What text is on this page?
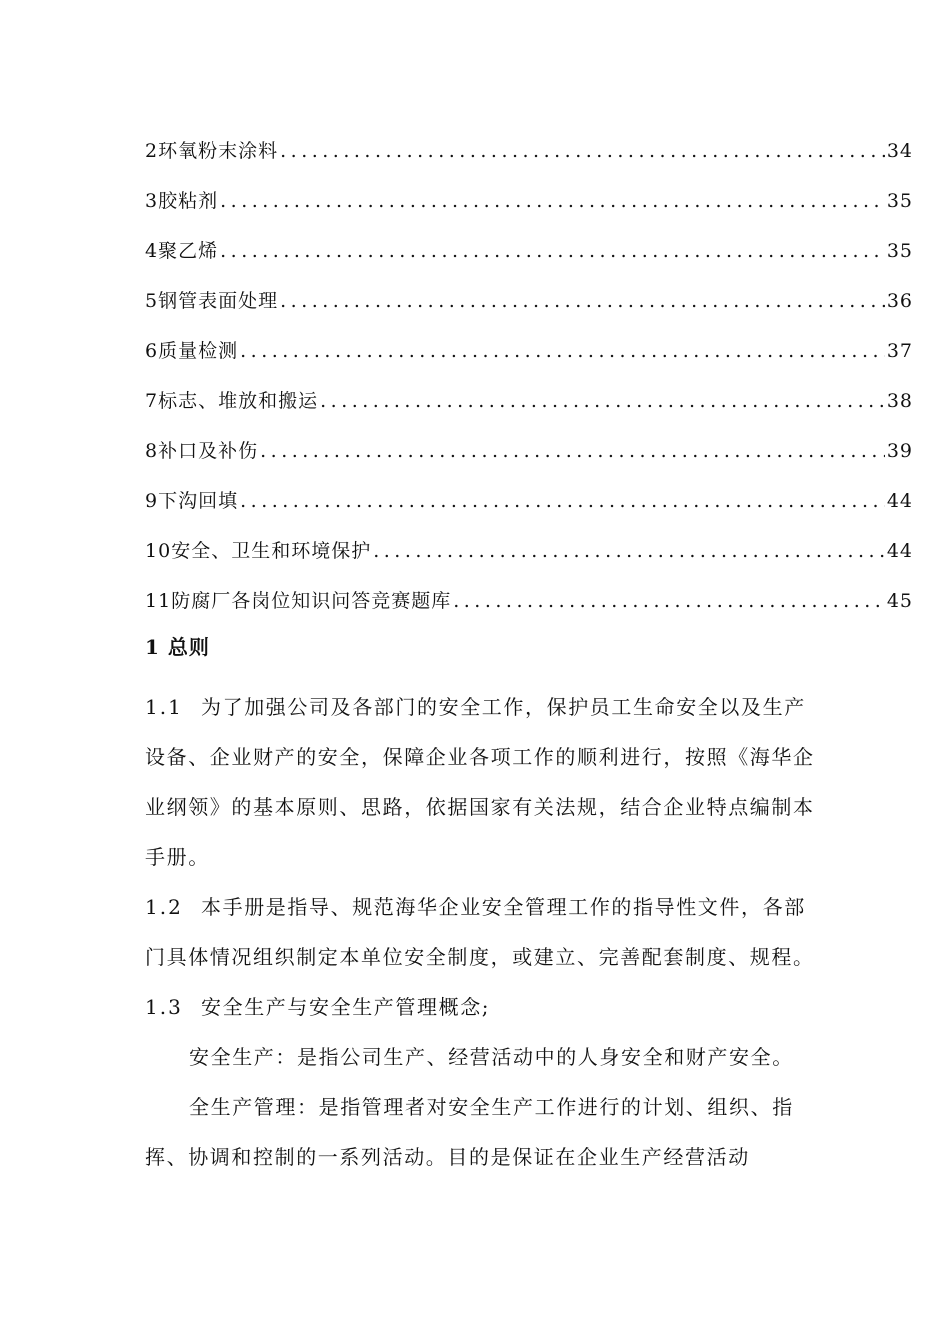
2 环氧粉末涂料 .....	34
3 胶粘剂 .....	35
4 聚乙烯 .....	35
5 钢管表面处理 .....	36
6 质量检测 .....	37
7 标志、堆放和搬运 .....	38
8 补口及补伤 .....	39
9 下沟回填 .....	44
10 安全、卫生和环境保护 .....	44
11 防腐厂各岗位知识问答竞赛题库 .....	45
1 总则

1.1 为了加强公司及各部门的安全工作，保护员工生命安全以及生产设备、企业财产的安全，保障企业各项工作的顺利进行，按照《海华企业纲领》的基本原则、思路，依据国家有关法规，结合企业特点编制本手册。

1.2 本手册是指导、规范海华企业安全管理工作的指导性文件，各部门具体情况组织制定本单位安全制度，或建立、完善配套制度、规程。

1.3 安全生产与安全生产管理概念;

安全生产：是指公司生产、经营活动中的人身安全和财产安全。

全生产管理：是指管理者对安全生产工作进行的计划、组织、指挥、协调和控制的一系列活动。目的是保证在企业生产经营活动
